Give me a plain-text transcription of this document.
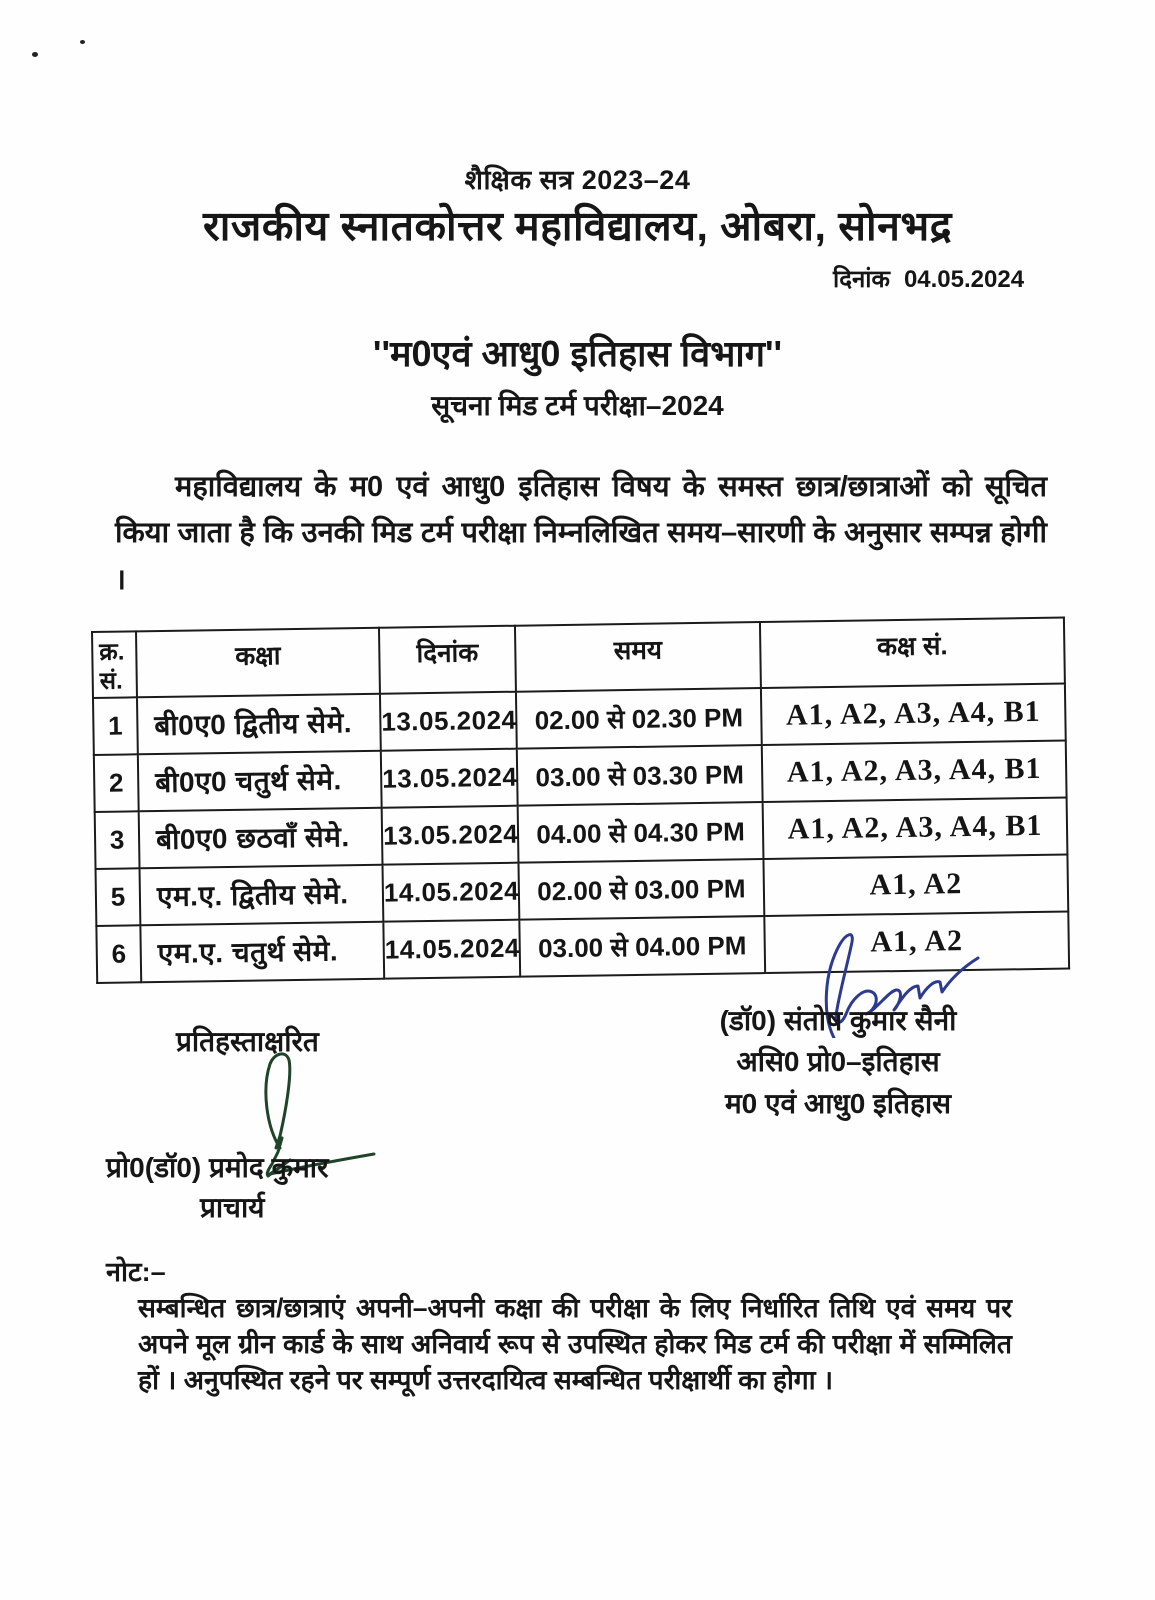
शैक्षिक सत्र 2023–24
राजकीय स्नातकोत्तर महाविद्यालय, ओबरा, सोनभद्र
दिनांक 04.05.2024
''म0एवं आधु0 इतिहास विभाग''
सूचना मिड टर्म परीक्षा–2024
महाविद्यालय के म0 एवं आधु0 इतिहास विषय के समस्त छात्र/छात्राओं को सूचित किया जाता है कि उनकी मिड टर्म परीक्षा निम्नलिखित समय–सारणी के अनुसार सम्पन्न होगी ।
क्र.
सं.	कक्षा	दिनांक	समय	कक्ष सं.
1	बी0ए0 द्वितीय सेमे.	13.05.2024	02.00 से 02.30 PM	A1, A2, A3, A4, B1
2	बी0ए0 चतुर्थ सेमे.	13.05.2024	03.00 से 03.30 PM	A1, A2, A3, A4, B1
3	बी0ए0 छठवाँ सेमे.	13.05.2024	04.00 से 04.30 PM	A1, A2, A3, A4, B1
5	एम.ए. द्वितीय सेमे.	14.05.2024	02.00 से 03.00 PM	A1, A2
6	एम.ए. चतुर्थ सेमे.	14.05.2024	03.00 से 04.00 PM	A1, A2
(डॉ0) संतोष कुमार सैनी
असि0 प्रो0–इतिहास
म0 एवं आधु0 इतिहास
प्रतिहस्ताक्षरित
प्रो0(डॉ0) प्रमोद कुमार
प्राचार्य
नोट:–
सम्बन्धित छात्र/छात्राएं अपनी–अपनी कक्षा की परीक्षा के लिए निर्धारित तिथि एवं समय पर अपने मूल ग्रीन कार्ड के साथ अनिवार्य रूप से उपस्थित होकर मिड टर्म की परीक्षा में सम्मिलित हों । अनुपस्थित रहने पर सम्पूर्ण उत्तरदायित्व सम्बन्धित परीक्षार्थी का होगा ।
